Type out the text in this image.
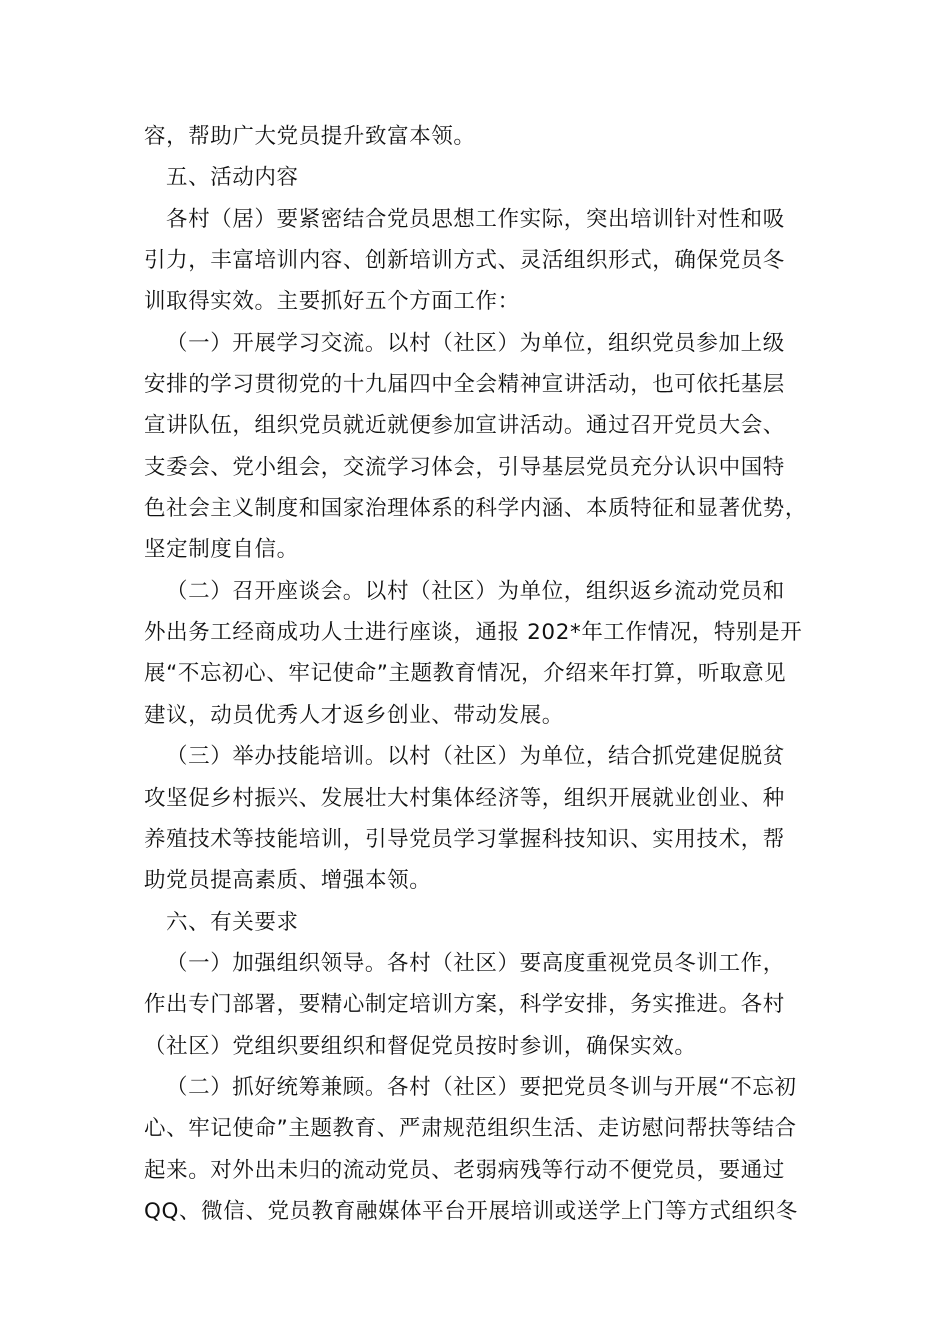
容，帮助广大党员提升致富本领。
五、活动内容
各村（居）要紧密结合党员思想工作实际，突出培训针对性和吸
引力，丰富培训内容、创新培训方式、灵活组织形式，确保党员冬
训取得实效。主要抓好五个方面工作：
（一）开展学习交流。以村（社区）为单位，组织党员参加上级
安排的学习贯彻党的十九届四中全会精神宣讲活动，也可依托基层
宣讲队伍，组织党员就近就便参加宣讲活动。通过召开党员大会、
支委会、党小组会，交流学习体会，引导基层党员充分认识中国特
色社会主义制度和国家治理体系的科学内涵、本质特征和显著优势，
坚定制度自信。
（二）召开座谈会。以村（社区）为单位，组织返乡流动党员和
外出务工经商成功人士进行座谈，通报 202*年工作情况，特别是开
展“不忘初心、牢记使命”主题教育情况，介绍来年打算，听取意见
建议，动员优秀人才返乡创业、带动发展。
（三）举办技能培训。以村（社区）为单位，结合抓党建促脱贫
攻坚促乡村振兴、发展壮大村集体经济等，组织开展就业创业、种
养殖技术等技能培训，引导党员学习掌握科技知识、实用技术，帮
助党员提高素质、增强本领。
六、有关要求
（一）加强组织领导。各村（社区）要高度重视党员冬训工作，
作出专门部署，要精心制定培训方案，科学安排，务实推进。各村
（社区）党组织要组织和督促党员按时参训，确保实效。
（二）抓好统筹兼顾。各村（社区）要把党员冬训与开展“不忘初
心、牢记使命”主题教育、严肃规范组织生活、走访慰问帮扶等结合
起来。对外出未归的流动党员、老弱病残等行动不便党员，要通过
QQ、微信、党员教育融媒体平台开展培训或送学上门等方式组织冬
